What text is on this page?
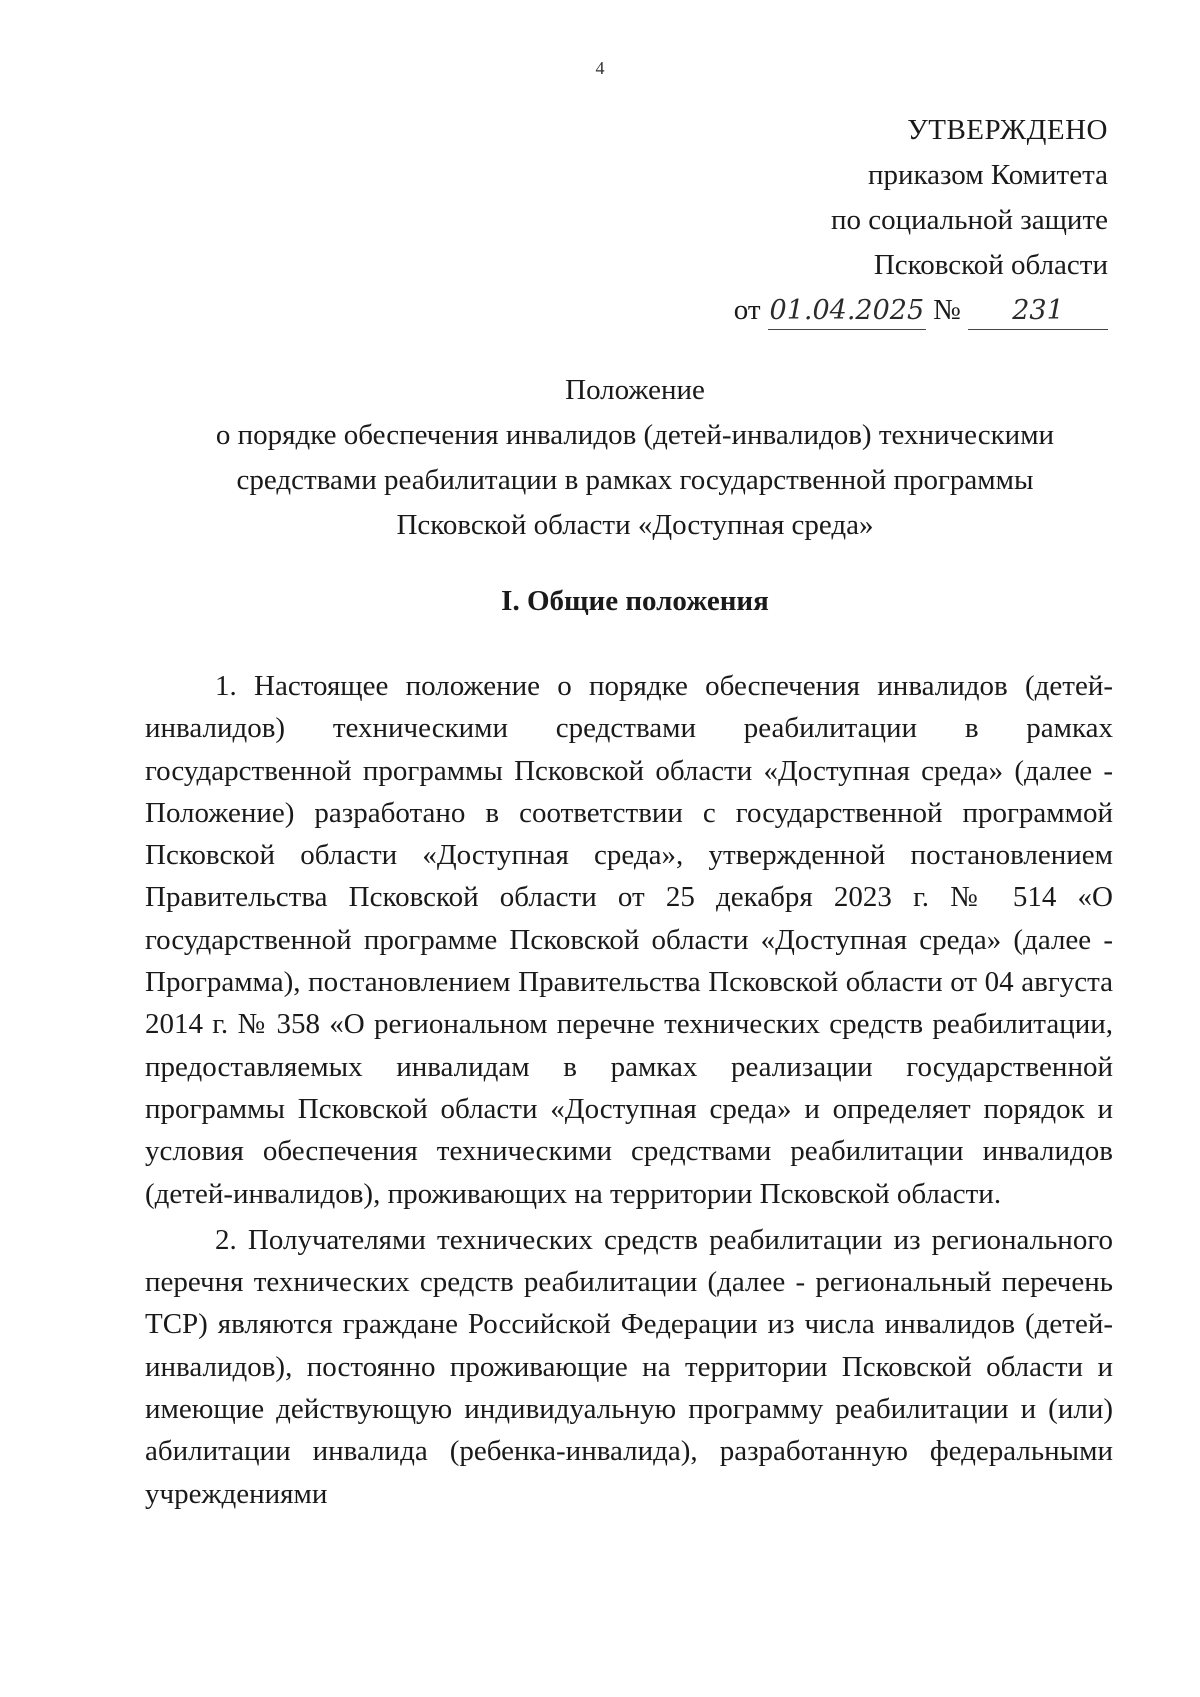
4
УТВЕРЖДЕНО
приказом Комитета
по социальной защите
Псковской области
от 01.04.2025 № 231
Положение
о порядке обеспечения инвалидов (детей-инвалидов) техническими
средствами реабилитации в рамках государственной программы
Псковской области «Доступная среда»
I. Общие положения

1. Настоящее положение о порядке обеспечения инвалидов (детей-инвалидов) техническими средствами реабилитации в рамках государственной программы Псковской области «Доступная среда» (далее - Положение) разработано в соответствии с государственной программой Псковской области «Доступная среда», утвержденной постановлением Правительства Псковской области от 25 декабря 2023 г. № 514 «О государственной программе Псковской области «Доступная среда» (далее - Программа), постановлением Правительства Псковской области от 04 августа 2014 г. № 358 «О региональном перечне технических средств реабилитации, предоставляемых инвалидам в рамках реализации государственной программы Псковской области «Доступная среда» и определяет порядок и условия обеспечения техническими средствами реабилитации инвалидов (детей-инвалидов), проживающих на территории Псковской области.

2. Получателями технических средств реабилитации из регионального перечня технических средств реабилитации (далее - региональный перечень ТСР) являются граждане Российской Федерации из числа инвалидов (детей-инвалидов), постоянно проживающие на территории Псковской области и имеющие действующую индивидуальную программу реабилитации и (или) абилитации инвалида (ребенка-инвалида), разработанную федеральными учреждениями
